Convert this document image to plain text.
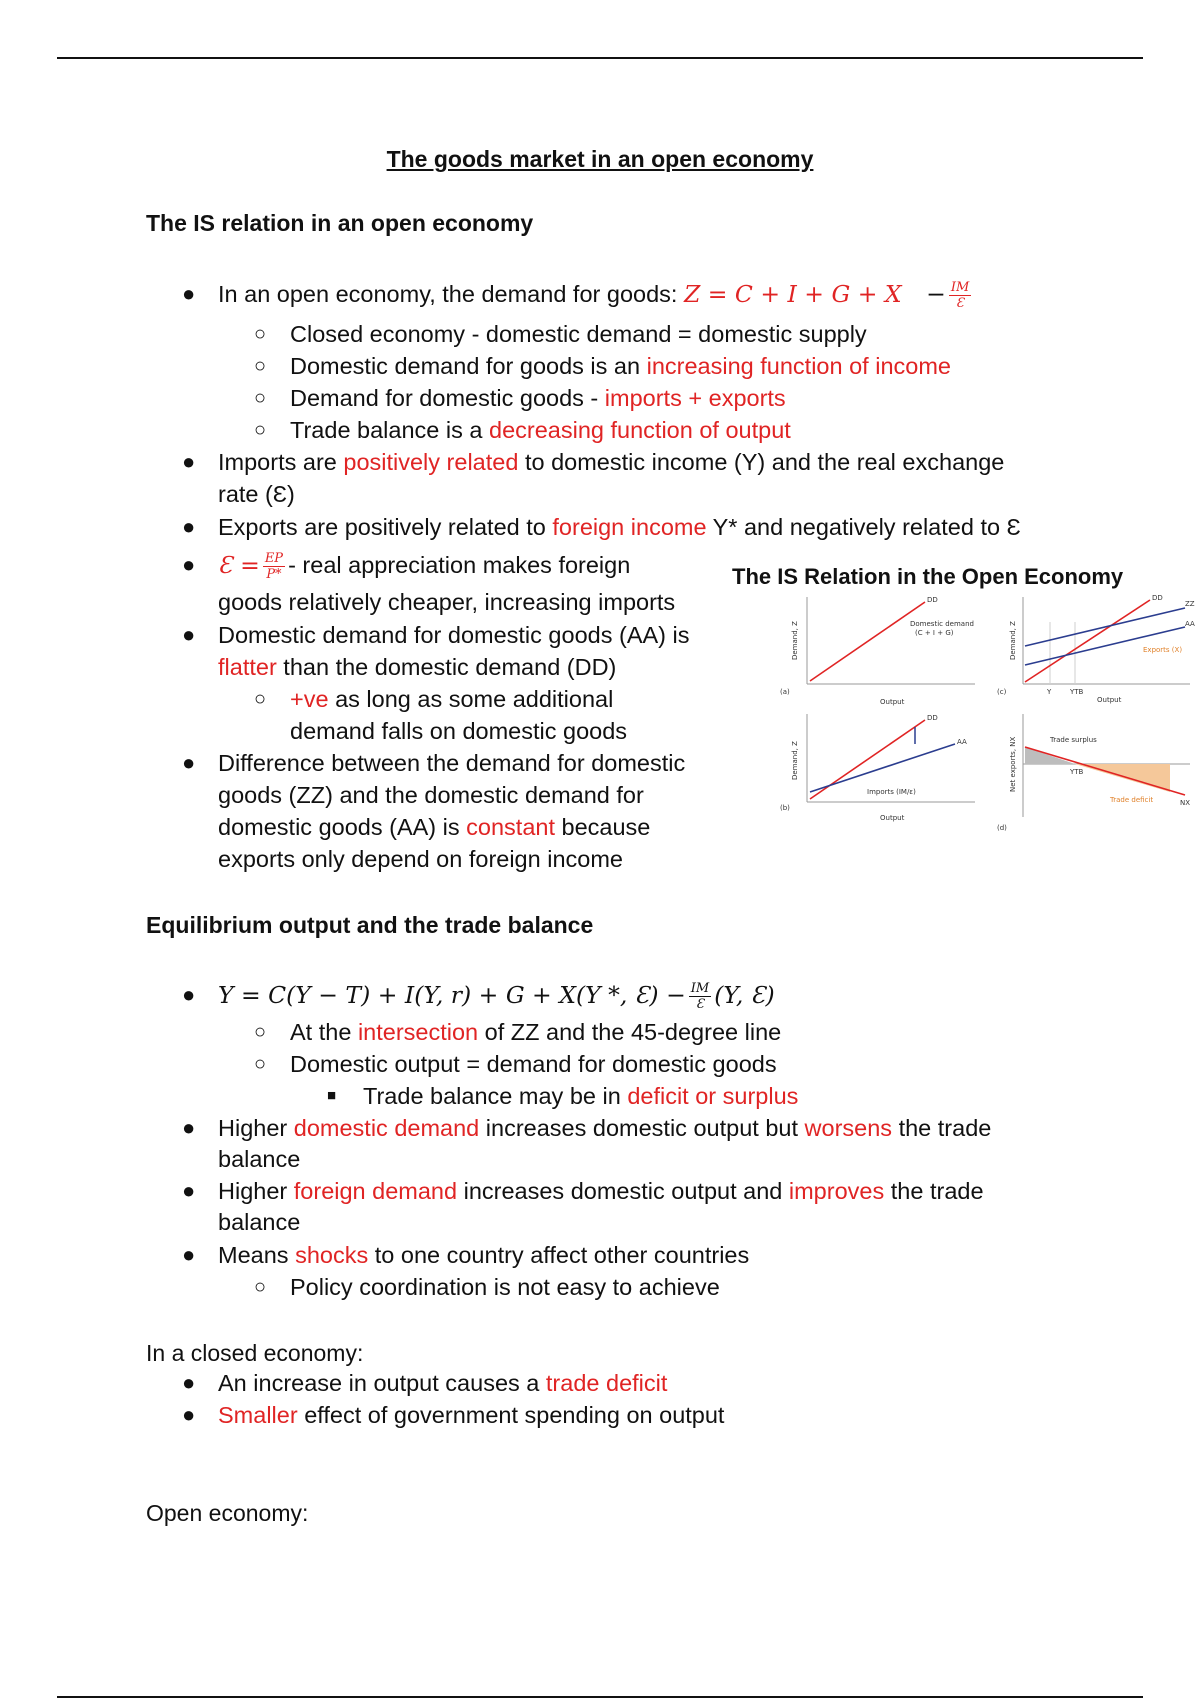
The goods market in an open economy
The IS relation in an open economy
● In an open economy, the demand for goods: $Z = C + I + G + X - \frac{IM}{Ɛ}$
○ Closed economy - domestic demand = domestic supply
○ Domestic demand for goods is an increasing function of income
○ Demand for domestic goods - imports + exports
○ Trade balance is a decreasing function of output
● Imports are positively related to domestic income (Y) and the real exchange
rate (Ɛ)
● Exports are positively related to foreign income Y* and negatively related to Ɛ
● Ɛ = $\frac{EP}{P*}$ - real appreciation makes foreign
goods relatively cheaper, increasing imports
● Domestic demand for domestic goods (AA) is
flatter than the domestic demand (DD)
○ +ve as long as some additional
demand falls on domestic goods
● Difference between the demand for domestic
goods (ZZ) and the domestic demand for
domestic goods (AA) is constant because
exports only depend on foreign income
The IS Relation in the Open Economy
DD
Domestic demand
(C + I + G)
Output
Demand, Z
(a)
DD
AA
Imports (IM/ε)
Output
Demand, Z
(b)
DD
ZZ
AA
Exports (X)
Y	YTB
Output
Demand, Z
(c)
Trade surplus
Trade deficit	NX
YTB
Net exports, NX
(d)
Equilibrium output and the trade balance
● Y = C(Y − T) + I(Y, r) + G + X(Y *, Ɛ) − $\frac{IM}{Ɛ} (Y$, Ɛ)
○ At the intersection of ZZ and the 45-degree line
○ Domestic output = demand for domestic goods
■ Trade balance may be in deficit or surplus
● Higher domestic demand increases domestic output but worsens the trade
balance
● Higher foreign demand increases domestic output and improves the trade
balance
● Means shocks to one country affect other countries
○ Policy coordination is not easy to achieve
In a closed economy:
● An increase in output causes a trade deficit
● Smaller effect of government spending on output
Open economy:
